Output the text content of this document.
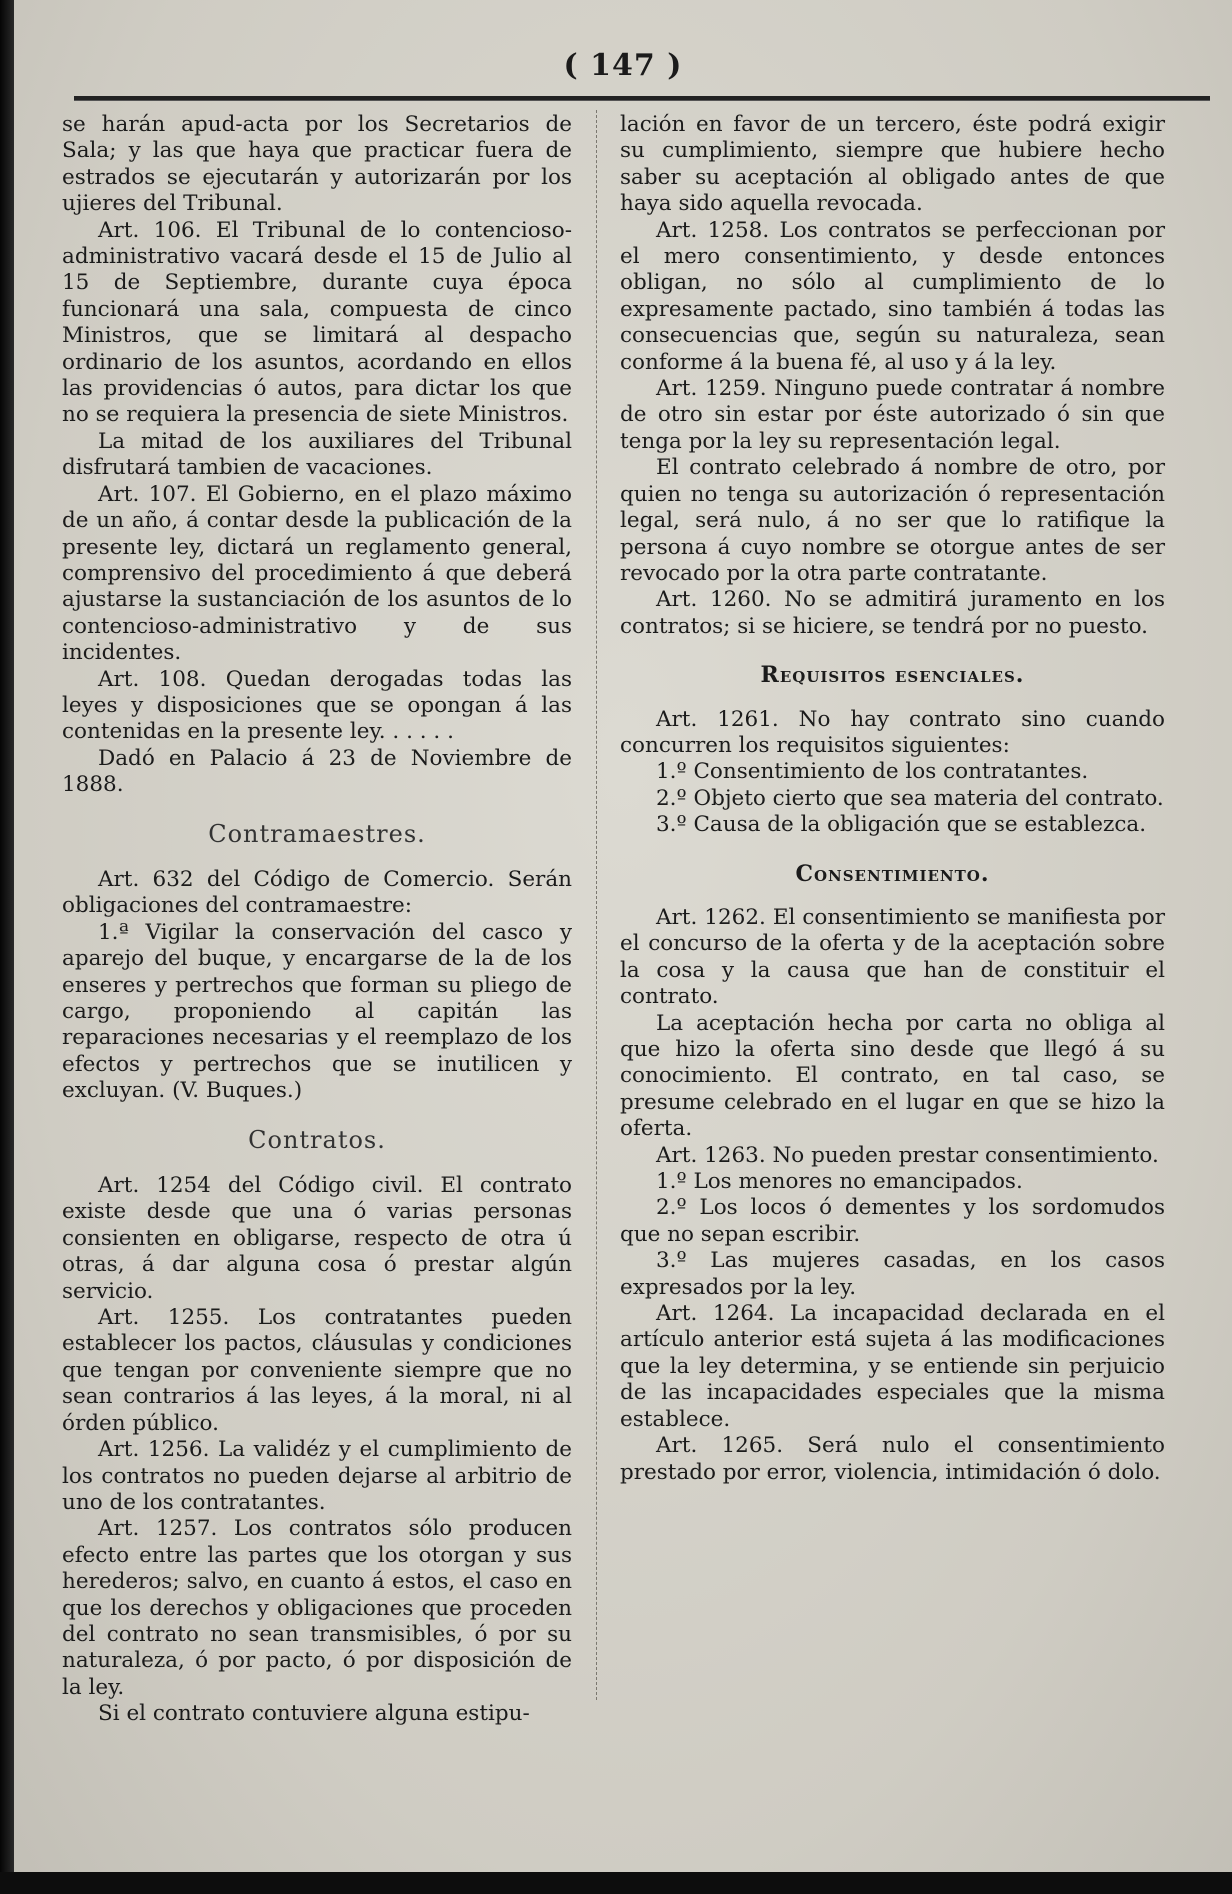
( 147 )

se harán apud-acta por los Secretarios de Sala; y las que haya que practicar fuera de estrados se ejecutarán y autorizarán por los ujieres del Tribunal.

Art. 106. El Tribunal de lo contencioso-administrativo vacará desde el 15 de Julio al 15 de Septiembre, durante cuya época funcionará una sala, compuesta de cinco Ministros, que se limitará al despacho ordinario de los asuntos, acordando en ellos las providencias ó autos, para dictar los que no se requiera la presencia de siete Ministros.

La mitad de los auxiliares del Tribunal disfrutará tambien de vacaciones.

Art. 107. El Gobierno, en el plazo máximo de un año, á contar desde la publicación de la presente ley, dictará un reglamento general, comprensivo del procedimiento á que deberá ajustarse la sustanciación de los asuntos de lo contencioso-administrativo y de sus incidentes.

Art. 108. Quedan derogadas todas las leyes y disposiciones que se opongan á las contenidas en la presente ley. . . . . .

Dadó en Palacio á 23 de Noviembre de 1888.

Contramaestres.

Art. 632 del Código de Comercio. Serán obligaciones del contramaestre:

1.ª Vigilar la conservación del casco y aparejo del buque, y encargarse de la de los enseres y pertrechos que forman su pliego de cargo, proponiendo al capitán las reparaciones necesarias y el reemplazo de los efectos y pertrechos que se inutilicen y excluyan. (V. Buques.)

Contratos.

Art. 1254 del Código civil. El contrato existe desde que una ó varias personas consienten en obligarse, respecto de otra ú otras, á dar alguna cosa ó prestar algún servicio.

Art. 1255. Los contratantes pueden establecer los pactos, cláusulas y condiciones que tengan por conveniente siempre que no sean contrarios á las leyes, á la moral, ni al órden público.

Art. 1256. La validéz y el cumplimiento de los contratos no pueden dejarse al arbitrio de uno de los contratantes.

Art. 1257. Los contratos sólo producen efecto entre las partes que los otorgan y sus herederos; salvo, en cuanto á estos, el caso en que los derechos y obligaciones que proceden del contrato no sean transmisibles, ó por su naturaleza, ó por pacto, ó por disposición de la ley.

Si el contrato contuviere alguna estipu-

lación en favor de un tercero, éste podrá exigir su cumplimiento, siempre que hubiere hecho saber su aceptación al obligado antes de que haya sido aquella revocada.

Art. 1258. Los contratos se perfeccionan por el mero consentimiento, y desde entonces obligan, no sólo al cumplimiento de lo expresamente pactado, sino también á todas las consecuencias que, según su naturaleza, sean conforme á la buena fé, al uso y á la ley.

Art. 1259. Ninguno puede contratar á nombre de otro sin estar por éste autorizado ó sin que tenga por la ley su representación legal.

El contrato celebrado á nombre de otro, por quien no tenga su autorización ó representación legal, será nulo, á no ser que lo ratifique la persona á cuyo nombre se otorgue antes de ser revocado por la otra parte contratante.

Art. 1260. No se admitirá juramento en los contratos; si se hiciere, se tendrá por no puesto.

Requisitos esenciales.

Art. 1261. No hay contrato sino cuando concurren los requisitos siguientes:

1.º Consentimiento de los contratantes.

2.º Objeto cierto que sea materia del contrato.

3.º Causa de la obligación que se establezca.

Consentimiento.

Art. 1262. El consentimiento se manifiesta por el concurso de la oferta y de la aceptación sobre la cosa y la causa que han de constituir el contrato.

La aceptación hecha por carta no obliga al que hizo la oferta sino desde que llegó á su conocimiento. El contrato, en tal caso, se presume celebrado en el lugar en que se hizo la oferta.

Art. 1263. No pueden prestar consentimiento.

1.º Los menores no emancipados.

2.º Los locos ó dementes y los sordomudos que no sepan escribir.

3.º Las mujeres casadas, en los casos expresados por la ley.

Art. 1264. La incapacidad declarada en el artículo anterior está sujeta á las modificaciones que la ley determina, y se entiende sin perjuicio de las incapacidades especiales que la misma establece.

Art. 1265. Será nulo el consentimiento prestado por error, violencia, intimidación ó dolo.
